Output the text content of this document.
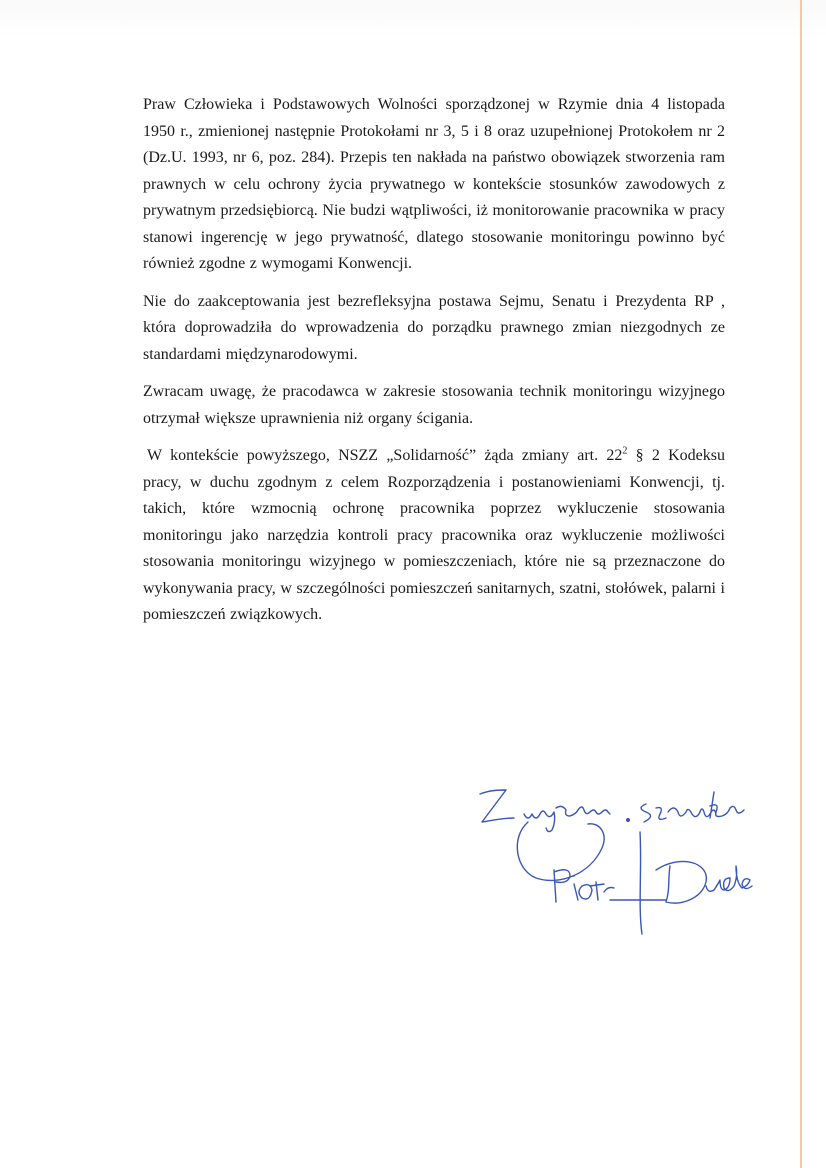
Praw Człowieka i Podstawowych Wolności sporządzonej w Rzymie dnia 4 listopada 1950 r., zmienionej następnie Protokołami nr 3, 5 i 8 oraz uzupełnionej Protokołem nr 2 (Dz.U. 1993, nr 6, poz. 284). Przepis ten nakłada na państwo obowiązek stworzenia ram prawnych w celu ochrony życia prywatnego w kontekście stosunków zawodowych z prywatnym przedsiębiorcą. Nie budzi wątpliwości, iż monitorowanie pracownika w pracy stanowi ingerencję w jego prywatność, dlatego stosowanie monitoringu powinno być również zgodne z wymogami Konwencji.

Nie do zaakceptowania jest bezrefleksyjna postawa Sejmu, Senatu i Prezydenta RP , która doprowadziła do wprowadzenia do porządku prawnego zmian niezgodnych ze standardami międzynarodowymi.

Zwracam uwagę, że pracodawca w zakresie stosowania technik monitoringu wizyjnego otrzymał większe uprawnienia niż organy ścigania.

W kontekście powyższego, NSZZ „Solidarność” żąda zmiany art. $22^2$ § 2 Kodeksu pracy, w duchu zgodnym z celem Rozporządzenia i postanowieniami Konwencji, tj. takich, które wzmocnią ochronę pracownika poprzez wykluczenie stosowania monitoringu jako narzędzia kontroli pracy pracownika oraz wykluczenie możliwości stosowania monitoringu wizyjnego w pomieszczeniach, które nie są przeznaczone do wykonywania pracy, w szczególności pomieszczeń sanitarnych, szatni, stołówek, palarni i pomieszczeń związkowych.
